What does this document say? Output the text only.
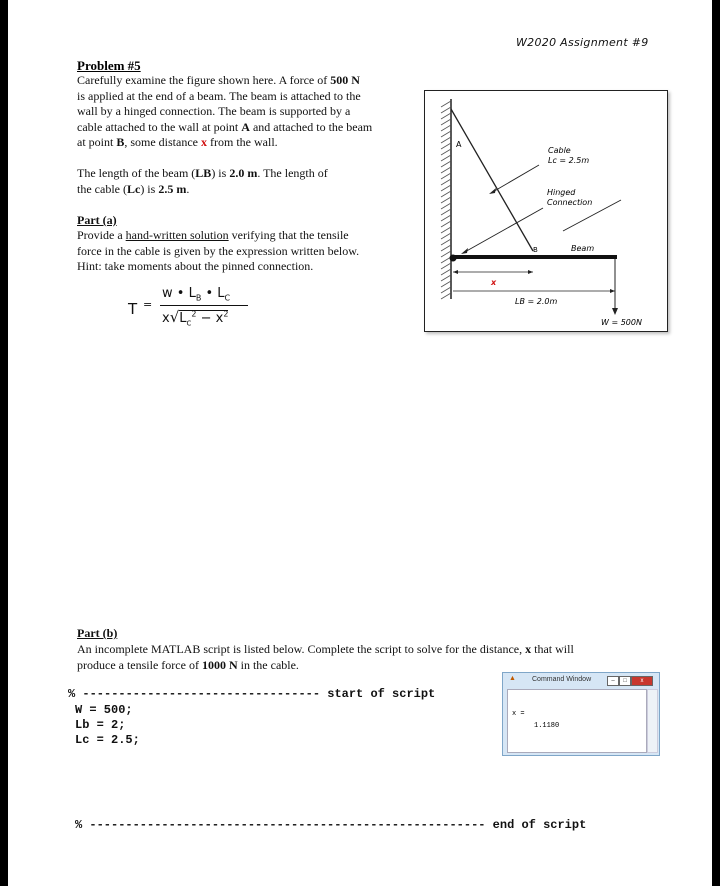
W2020 Assignment #9
Problem #5
Carefully examine the figure shown here. A force of 500 N
is applied at the end of a beam. The beam is attached to the
wall by a hinged connection. The beam is supported by a
cable attached to the wall at point A and attached to the beam
at point B, some distance x from the wall.
The length of the beam (LB) is 2.0 m. The length of
the cable (Lc) is 2.5 m.
Part (a)
Provide a hand-written solution verifying that the tensile
force in the cable is given by the expression written below.
Hint: take moments about the pinned connection.
T =
w • $L_B$ • $L_C$
$x√L_C^2 - x^2$
A
Cable
Lc = 2.5m
Hinged
Connection
B	Beam
x
LB = 2.0m
W = 500N
Part (b)
An incomplete MATLAB script is listed below. Complete the script to solve for the distance, x that will
produce a tensile force of 1000 N in the cable.
% --------------------------------- start of script
W = 500;
Lb = 2;
Lc = 2.5;
% ------------------------------------------------------- end of script
▲ Command Window	–	□	x
x =
1.1180
